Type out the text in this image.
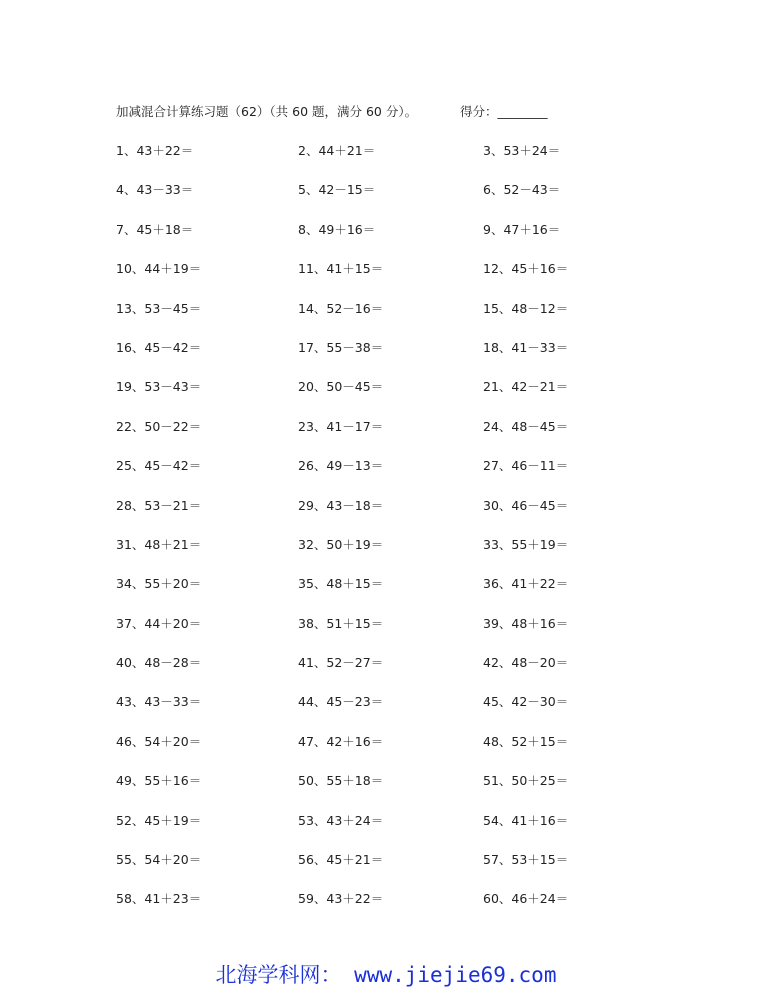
加减混合计算练习题（62）（共 60 题，满分 60 分）。	得分：________
1、43＋22＝	2、44＋21＝	3、53＋24＝
4、43－33＝	5、42－15＝	6、52－43＝
7、45＋18＝	8、49＋16＝	9、47＋16＝
10、44＋19＝	11、41＋15＝	12、45＋16＝
13、53－45＝	14、52－16＝	15、48－12＝
16、45－42＝	17、55－38＝	18、41－33＝
19、53－43＝	20、50－45＝	21、42－21＝
22、50－22＝	23、41－17＝	24、48－45＝
25、45－42＝	26、49－13＝	27、46－11＝
28、53－21＝	29、43－18＝	30、46－45＝
31、48＋21＝	32、50＋19＝	33、55＋19＝
34、55＋20＝	35、48＋15＝	36、41＋22＝
37、44＋20＝	38、51＋15＝	39、48＋16＝
40、48－28＝	41、52－27＝	42、48－20＝
43、43－33＝	44、45－23＝	45、42－30＝
46、54＋20＝	47、42＋16＝	48、52＋15＝
49、55＋16＝	50、55＋18＝	51、50＋25＝
52、45＋19＝	53、43＋24＝	54、41＋16＝
55、54＋20＝	56、45＋21＝	57、53＋15＝
58、41＋23＝	59、43＋22＝	60、46＋24＝
北海学科网： www.jiejie69.com
